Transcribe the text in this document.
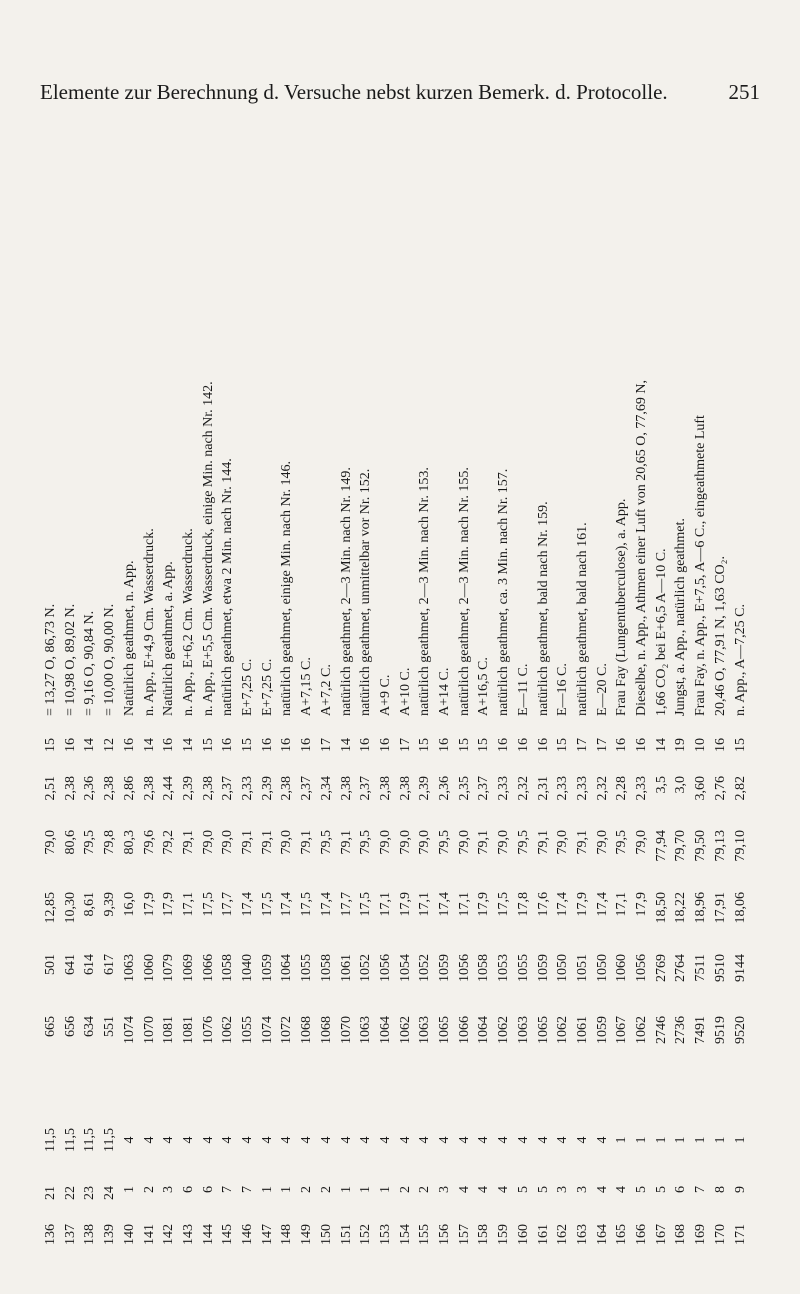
Elemente zur Berechnung d. Versuche nebst kurzen Bemerk. d. Protocolle.	251
136
21
11,5
665
501
12,85
79,0
2,51
15
= 13,27 O, 86,73 N.
137
22
11,5
656
641
10,30
80,6
2,38
16
= 10,98 O, 89,02 N.
138
23
11,5
634
614
8,61
79,5
2,36
14
= 9,16 O, 90,84 N.
139
24
11,5
551
617
9,39
79,8
2,38
12
= 10,00 O, 90,00 N.
140
1
4
1074
1063
16,0
80,3
2,86
16
Natürlich geathmet, n. App.
141
2
4
1070
1060
17,9
79,6
2,38
14
n. App., E+4,9 Cm. Wasserdruck.
142
3
4
1081
1079
17,9
79,2
2,44
16
Natürlich geathmet, a. App.
143
6
4
1081
1069
17,1
79,1
2,39
14
n. App., E+6,2 Cm. Wasserdruck.
144
6
4
1076
1066
17,5
79,0
2,38
15
n. App., E+5,5 Cm. Wasserdruck, einige Min. nach Nr. 142.
145
7
4
1062
1058
17,7
79,0
2,37
16
natürlich geathmet, etwa 2 Min. nach Nr. 144.
146
7
4
1055
1040
17,4
79,1
2,33
15
E+7,25 C.
147
1
4
1074
1059
17,5
79,1
2,39
16
E+7,25 C.
148
1
4
1072
1064
17,4
79,0
2,38
16
natürlich geathmet, einige Min. nach Nr. 146.
149
2
4
1068
1055
17,5
79,1
2,37
16
A+7,15 C.
150
2
4
1068
1058
17,4
79,5
2,34
17
A+7,2 C.
151
1
4
1070
1061
17,7
79,1
2,38
14
natürlich geathmet, 2—3 Min. nach Nr. 149.
152
1
4
1063
1052
17,5
79,5
2,37
16
natürlich geathmet, unmittelbar vor Nr. 152.
153
1
4
1064
1056
17,1
79,0
2,38
16
A+9 C.
154
2
4
1062
1054
17,9
79,0
2,38
17
A+10 C.
155
2
4
1063
1052
17,1
79,0
2,39
15
natürlich geathmet, 2—3 Min. nach Nr. 153.
156
3
4
1065
1059
17,4
79,5
2,36
16
A+14 C.
157
4
4
1066
1056
17,1
79,0
2,35
15
natürlich geathmet, 2—3 Min. nach Nr. 155.
158
4
4
1064
1058
17,9
79,1
2,37
15
A+16,5 C.
159
4
4
1062
1053
17,5
79,0
2,33
16
natürlich geathmet, ca. 3 Min. nach Nr. 157.
160
5
4
1063
1055
17,8
79,5
2,32
16
E—11 C.
161
5
4
1065
1059
17,6
79,1
2,31
16
natürlich geathmet, bald nach Nr. 159.
162
3
4
1062
1050
17,4
79,0
2,33
15
E—16 C.
163
3
4
1061
1051
17,9
79,1
2,33
17
natürlich geathmet, bald nach 161.
164
4
4
1059
1050
17,4
79,0
2,32
17
E—20 C.
165
4
1
1067
1060
17,1
79,5
2,28
16
Frau Fay (Lungentuberculose), a. App.
166
5
1
1062
1056
17,9
79,0
2,33
16
Dieselbe, n. App., Athmen einer Luft von 20,65 O, 77,69 N,
167
5
1
2746
2769
18,50
77,94
3,5
14
1,66 CO₂ bei E+6,5 A—10 C.
168
6
1
2736
2764
18,22
79,70
3,0
19
Jungst, a. App., natürlich geathmet.
169
7
1
7491
7511
18,96
79,50
3,60
10
Frau Fay, n. App., E+7,5, A—6 C., eingeathmete Luft
170
8
1
9519
9510
17,91
79,13
2,76
16
20,46 O, 77,91 N, 1,63 CO₂.
171
9
1
9520
9144
18,06
79,10
2,82
15
n. App., A—7,25 C.
